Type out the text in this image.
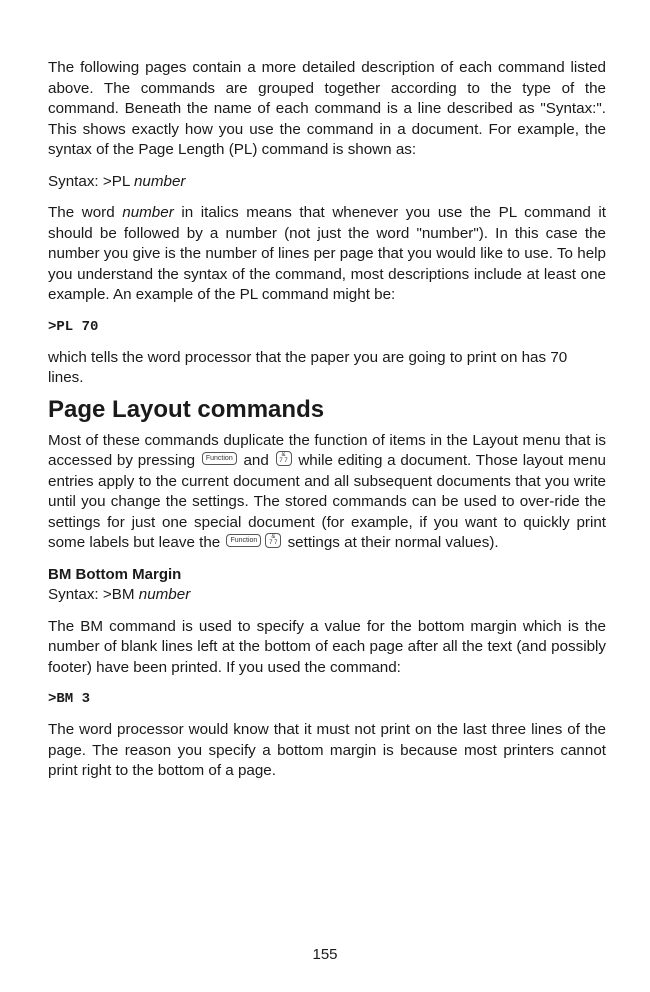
The following pages contain a more detailed description of each command listed above. The commands are grouped together according to the type of the command. Beneath the name of each command is a line described as "Syntax:". This shows exactly how you use the command in a document. For example, the syntax of the Page Length (PL) command is shown as:

Syntax: >PL number

The word number in italics means that whenever you use the PL command it should be followed by a number (not just the word "number"). In this case the number you give is the number of lines per page that you would like to use. To help you understand the syntax of the command, most descriptions include at least one example. An example of the PL command might be:

>PL 70

which tells the word processor that the paper you are going to print on has 70 lines.

Page Layout commands

Most of these commands duplicate the function of items in the Layout menu that is accessed by pressing Function and &
7 7 while editing a document. Those layout menu entries apply to the current document and all subsequent documents that you write until you change the settings. The stored commands can be used to over-ride the settings for just one special document (for example, if you want to quickly print some labels but leave the Function &
7 7 settings at their normal values).

BM Bottom Margin

Syntax: >BM number

The BM command is used to specify a value for the bottom margin which is the number of blank lines left at the bottom of each page after all the text (and possibly footer) have been printed. If you used the command:

>BM 3

The word processor would know that it must not print on the last three lines of the page. The reason you specify a bottom margin is because most printers cannot print right to the bottom of a page.

155
